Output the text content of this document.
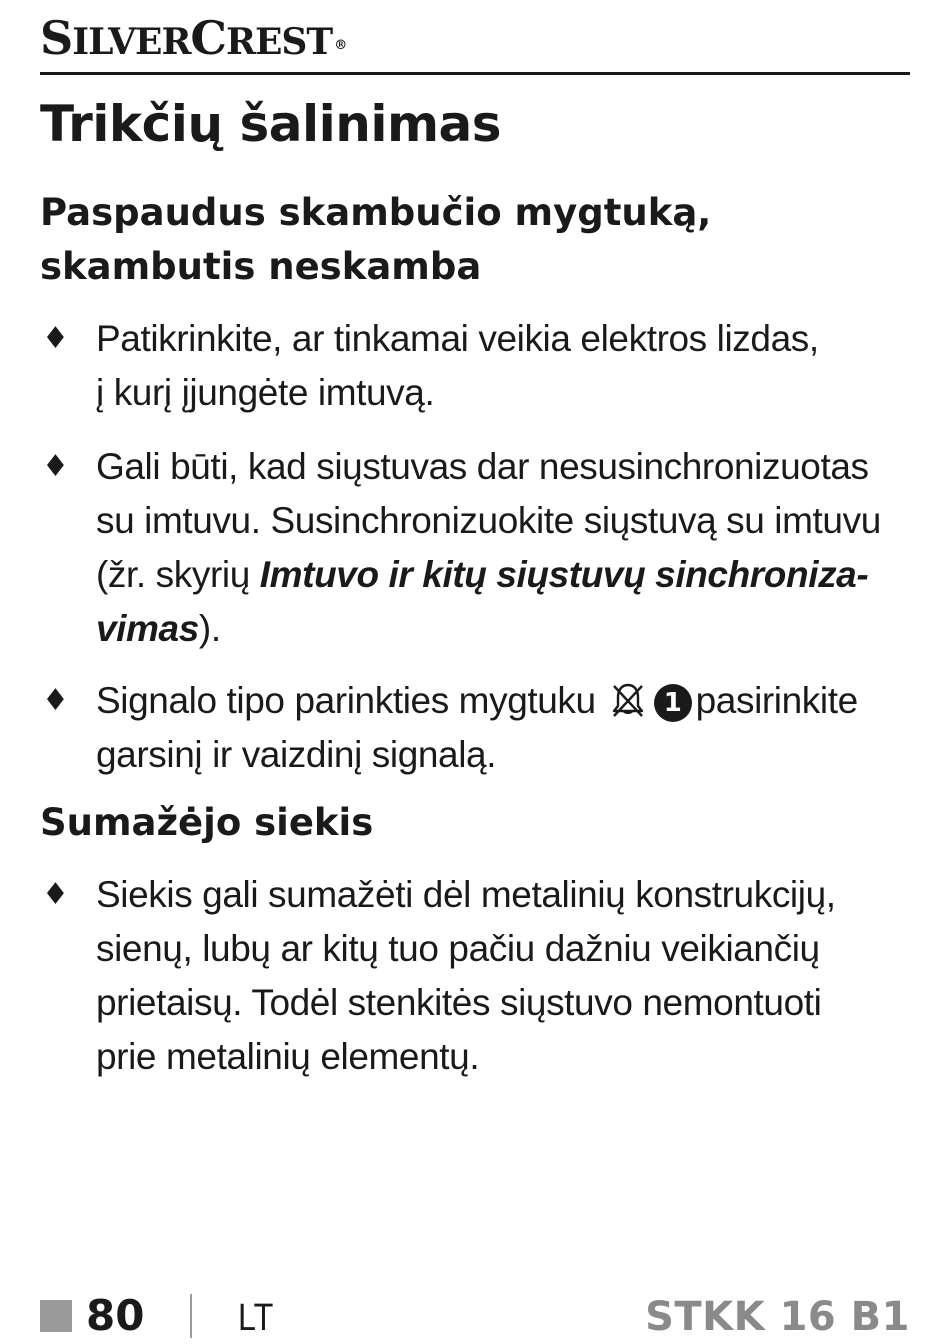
SILVERCREST ®
Trikčių šalinimas
Paspaudus skambučio mygtuką,
skambutis neskamba
♦ Patikrinkite, ar tinkamai veikia elektros lizdas,
į kurį įjungėte imtuvą.
♦ Gali būti, kad siųstuvas dar nesusinchronizuotas
su imtuvu. Susinchronizuokite siųstuvą su imtuvu
(žr. skyrių Imtuvo ir kitų siųstuvų sinchroniza-
vimas).
♦ Signalo tipo parinkties mygtuku	1 pasirinkite
garsinį ir vaizdinį signalą.
Sumažėjo siekis
♦ Siekis gali sumažėti dėl metalinių konstrukcijų,
sienų, lubų ar kitų tuo pačiu dažniu veikiančių
prietaisų. Todėl stenkitės siųstuvo nemontuoti
prie metalinių elementų.
80 LT	STKK 16 B1
